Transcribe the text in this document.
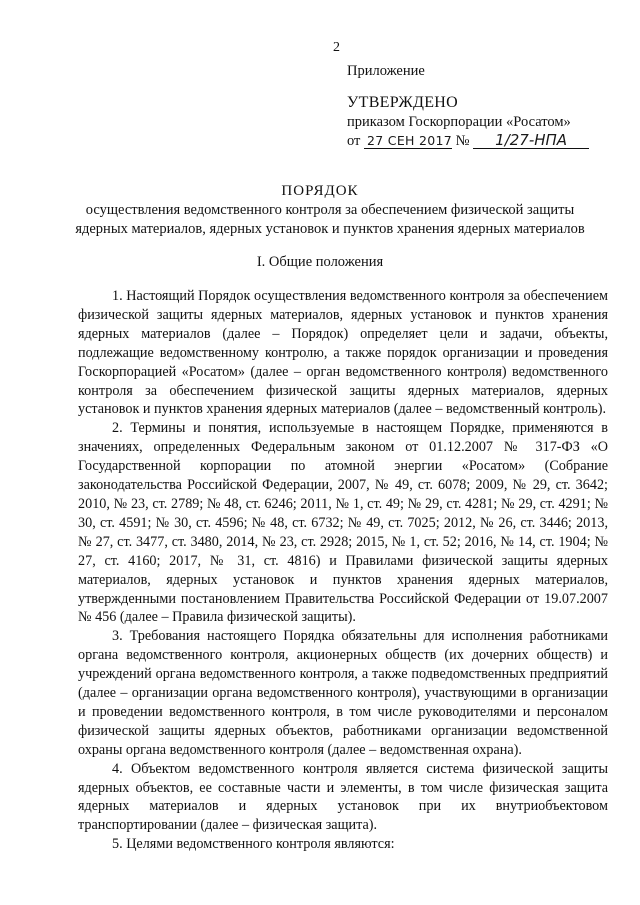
2
Приложение
УТВЕРЖДЕНО
приказом Госкорпорации «Росатом»
от 27 СЕН 2017 № 1/27-НПА
ПОРЯДОК
осуществления ведомственного контроля за обеспечением физической защиты ядерных материалов, ядерных установок и пунктов хранения ядерных материалов
I. Общие положения

1. Настоящий Порядок осуществления ведомственного контроля за обеспечением физической защиты ядерных материалов, ядерных установок и пунктов хранения ядерных материалов (далее – Порядок) определяет цели и задачи, объекты, подлежащие ведомственному контролю, а также порядок организации и проведения Госкорпорацией «Росатом» (далее – орган ведомственного контроля) ведомственного контроля за обеспечением физической защиты ядерных материалов, ядерных установок и пунктов хранения ядерных материалов (далее – ведомственный контроль).

2. Термины и понятия, используемые в настоящем Порядке, применяются в значениях, определенных Федеральным законом от 01.12.2007 № 317-ФЗ «О Государственной корпорации по атомной энергии «Росатом» (Собрание законодательства Российской Федерации, 2007, № 49, ст. 6078; 2009, № 29, ст. 3642; 2010, № 23, ст. 2789; № 48, ст. 6246; 2011, № 1, ст. 49; № 29, ст. 4281; № 29, ст. 4291; № 30, ст. 4591; № 30, ст. 4596; № 48, ст. 6732; № 49, ст. 7025; 2012, № 26, ст. 3446; 2013, № 27, ст. 3477, ст. 3480, 2014, № 23, ст. 2928; 2015, № 1, ст. 52; 2016, № 14, ст. 1904; № 27, ст. 4160; 2017, № 31, ст. 4816) и Правилами физической защиты ядерных материалов, ядерных установок и пунктов хранения ядерных материалов, утвержденными постановлением Правительства Российской Федерации от 19.07.2007 № 456 (далее – Правила физической защиты).

3. Требования настоящего Порядка обязательны для исполнения работниками органа ведомственного контроля, акционерных обществ (их дочерних обществ) и учреждений органа ведомственного контроля, а также подведомственных предприятий (далее – организации органа ведомственного контроля), участвующими в организации и проведении ведомственного контроля, в том числе руководителями и персоналом физической защиты ядерных объектов, работниками организации ведомственной охраны органа ведомственного контроля (далее – ведомственная охрана).

4. Объектом ведомственного контроля является система физической защиты ядерных объектов, ее составные части и элементы, в том числе физическая защита ядерных материалов и ядерных установок при их внутриобъектовом транспортировании (далее – физическая защита).

5. Целями ведомственного контроля являются:
